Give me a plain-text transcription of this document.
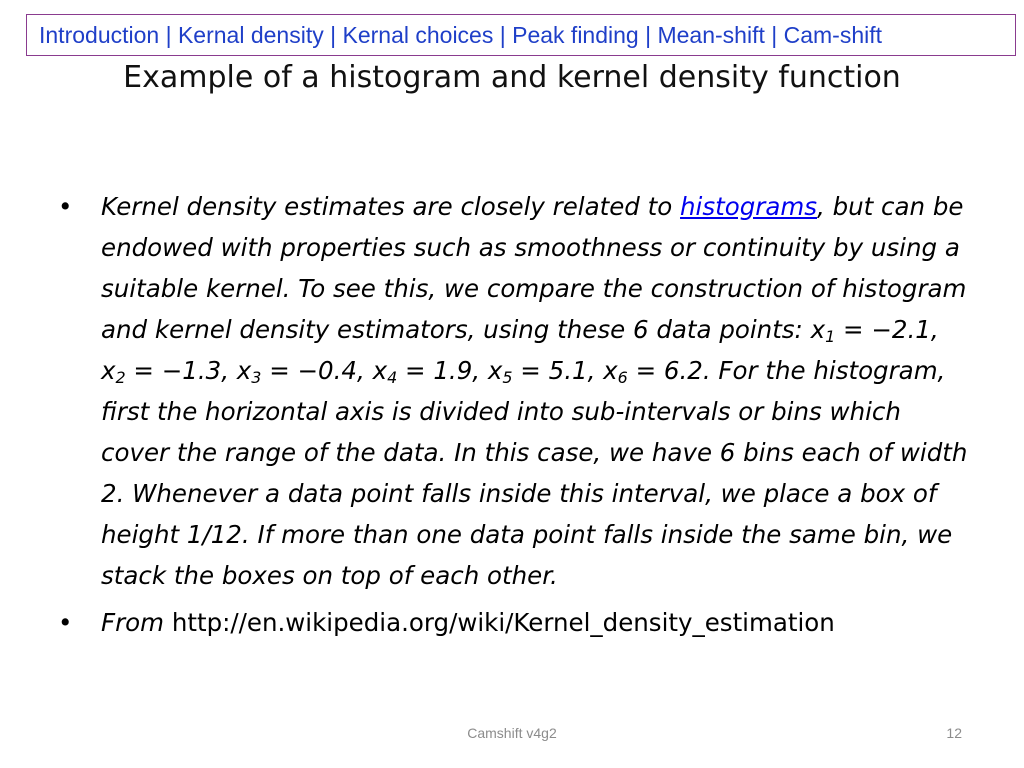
Introduction | Kernal density | Kernal choices | Peak finding | Mean-shift | Cam-shift
Example of a histogram and kernel density function
• Kernel density estimates are closely related to histograms, but can be endowed with properties such as smoothness or continuity by using a suitable kernel. To see this, we compare the construction of histogram and kernel density estimators, using these 6 data points: $x_1 = -2.1$, $x_2 = -1.3$, $x_3 = -0.4$, $x_4 = 1.9$, $x_5 = 5.1$, $x_6 = 6.2$. For the histogram, first the horizontal axis is divided into sub-intervals or bins which cover the range of the data. In this case, we have 6 bins each of width 2. Whenever a data point falls inside this interval, we place a box of height 1/12. If more than one data point falls inside the same bin, we stack the boxes on top of each other.
• From http://en.wikipedia.org/wiki/Kernel_density_estimation
Camshift v4g2	12
